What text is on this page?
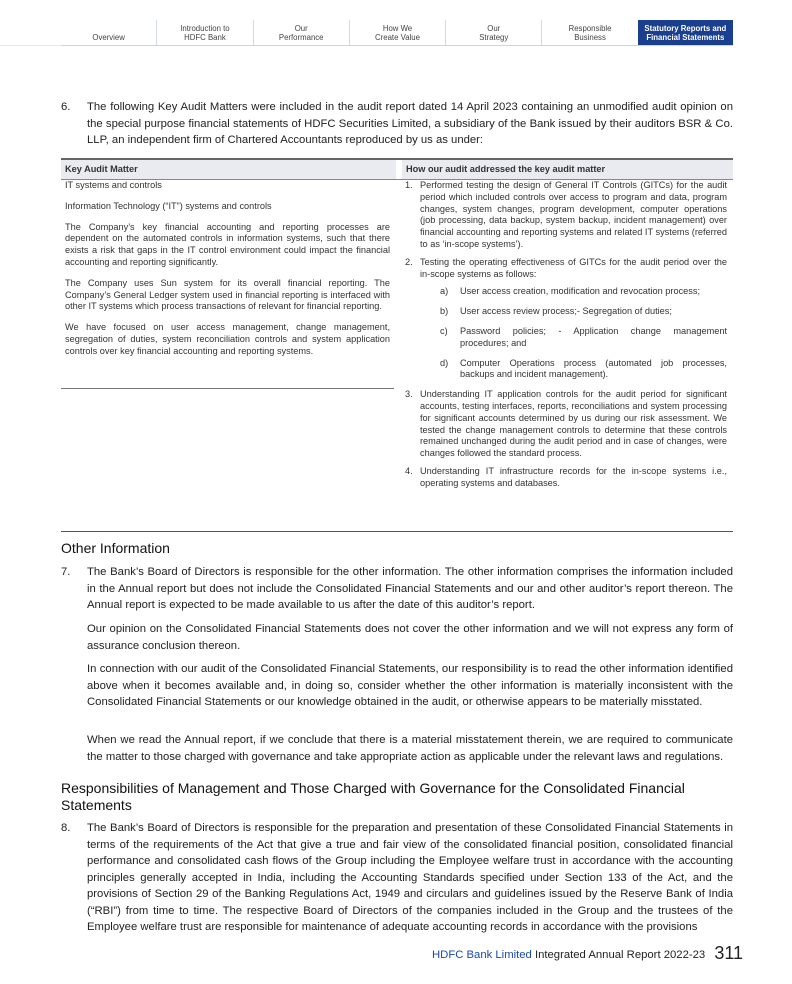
Overview
Introduction to
HDFC Bank
Our
Performance
How We
Create Value
Our
Strategy
Responsible
Business
Statutory Reports and
Financial Statements
6. The following Key Audit Matters were included in the audit report dated 14 April 2023 containing an unmodified audit opinion on the special purpose financial statements of HDFC Securities Limited, a subsidiary of the Bank issued by their auditors BSR & Co. LLP, an independent firm of Chartered Accountants reproduced by us as under:
Key Audit Matter	How our audit addressed the key audit matter

IT systems and controls

Information Technology (“IT”) systems and controls

The Company’s key financial accounting and reporting processes are dependent on the automated controls in information systems, such that there exists a risk that gaps in the IT control environment could impact the financial accounting and reporting significantly.

The Company uses Sun system for its overall financial reporting. The Company’s General Ledger system used in financial reporting is interfaced with other IT systems which process transactions of relevant for financial reporting.

We have focused on user access management, change management, segregation of duties, system reconciliation controls and system application controls over key financial accounting and reporting systems.

1. Performed testing the design of General IT Controls (GITCs) for the audit period which included controls over access to program and data, program changes, system changes, program development, computer operations (job processing, data backup, system backup, incident management) over financial accounting and reporting systems and related IT systems (referred to as ‘in-scope systems’).
2. Testing the operating effectiveness of GITCs for the audit period over the in-scope systems as follows:
a) User access creation, modification and revocation process;
b) User access review process;- Segregation of duties;
c) Password policies; - Application change management procedures; and
d) Computer Operations process (automated job processes, backups and incident management).
3. Understanding IT application controls for the audit period for significant accounts, testing interfaces, reports, reconciliations and system processing for significant accounts determined by us during our risk assessment. We tested the change management controls to determine that these controls remained unchanged during the audit period and in case of changes, were changes followed the standard process.
4. Understanding IT infrastructure records for the in-scope systems i.e., operating systems and databases.
Other Information
7. The Bank’s Board of Directors is responsible for the other information. The other information comprises the information included in the Annual report but does not include the Consolidated Financial Statements and our and other auditor’s report thereon. The Annual report is expected to be made available to us after the date of this auditor’s report.
Our opinion on the Consolidated Financial Statements does not cover the other information and we will not express any form of assurance conclusion thereon.
In connection with our audit of the Consolidated Financial Statements, our responsibility is to read the other information identified above when it becomes available and, in doing so, consider whether the other information is materially inconsistent with the Consolidated Financial Statements or our knowledge obtained in the audit, or otherwise appears to be materially misstated.
When we read the Annual report, if we conclude that there is a material misstatement therein, we are required to communicate the matter to those charged with governance and take appropriate action as applicable under the relevant laws and regulations.
Responsibilities of Management and Those Charged with Governance for the Consolidated Financial Statements
8. The Bank’s Board of Directors is responsible for the preparation and presentation of these Consolidated Financial Statements in terms of the requirements of the Act that give a true and fair view of the consolidated financial position, consolidated financial performance and consolidated cash flows of the Group including the Employee welfare trust in accordance with the accounting principles generally accepted in India, including the Accounting Standards specified under Section 133 of the Act, and the provisions of Section 29 of the Banking Regulations Act, 1949 and circulars and guidelines issued by the Reserve Bank of India (“RBI”) from time to time. The respective Board of Directors of the companies included in the Group and the trustees of the Employee welfare trust are responsible for maintenance of adequate accounting records in accordance with the provisions
HDFC Bank Limited Integrated Annual Report 2022-23 311
